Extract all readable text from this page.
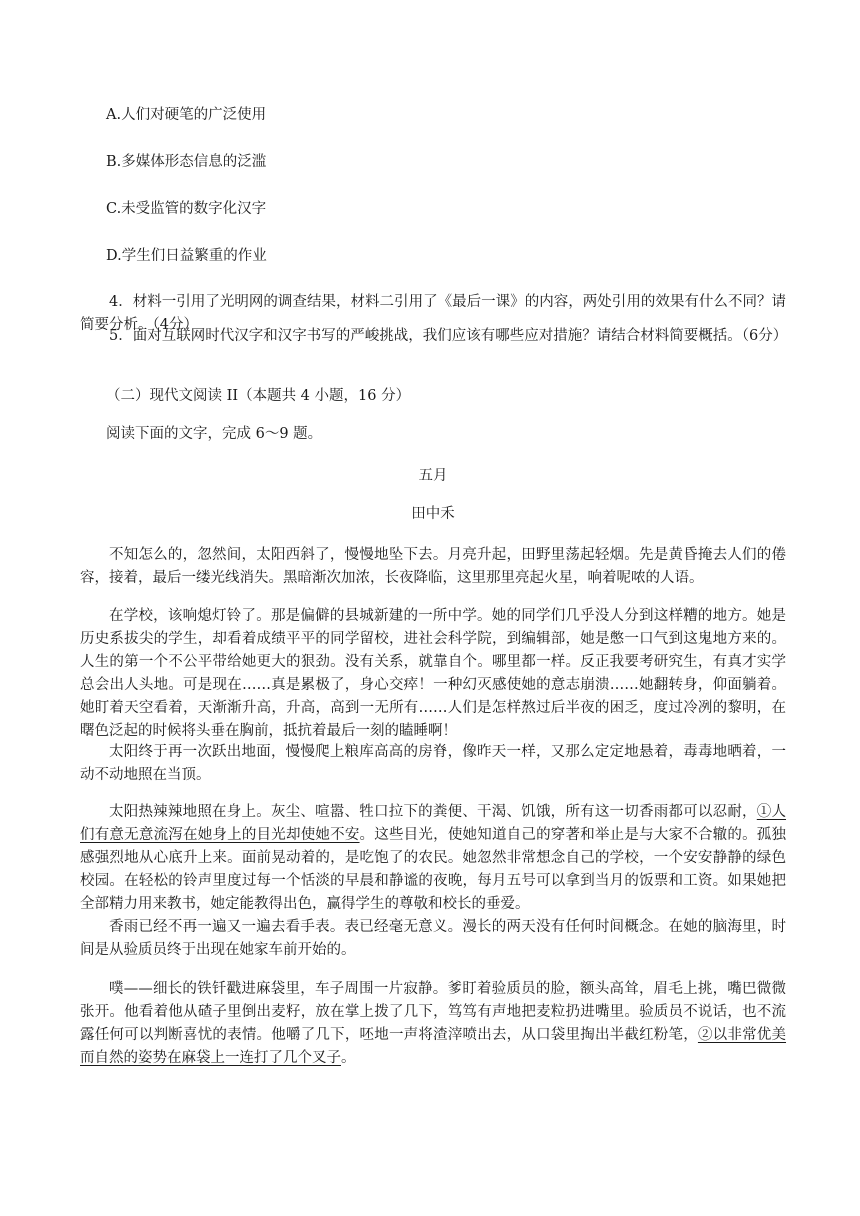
A.人们对硬笔的广泛使用
B.多媒体形态信息的泛滥
C.未受监管的数字化汉字
D.学生们日益繁重的作业
4．材料一引用了光明网的调查结果，材料二引用了《最后一课》的内容，两处引用的效果有什么不同？请简要分析。（4分）
5．面对互联网时代汉字和汉字书写的严峻挑战，我们应该有哪些应对措施？请结合材料简要概括。（6分）
（二）现代文阅读 II（本题共 4 小题，16 分）
阅读下面的文字，完成 6～9 题。
五月
田中禾
不知怎么的，忽然间，太阳西斜了，慢慢地坠下去。月亮升起，田野里荡起轻烟。先是黄昏掩去人们的倦容，接着，最后一缕光线消失。黑暗渐次加浓，长夜降临，这里那里亮起火星，响着呢哝的人语。
在学校，该响熄灯铃了。那是偏僻的县城新建的一所中学。她的同学们几乎没人分到这样糟的地方。她是历史系拔尖的学生，却看着成绩平平的同学留校，进社会科学院，到编辑部，她是憋一口气到这鬼地方来的。人生的第一个不公平带给她更大的狠劲。没有关系，就靠自个。哪里都一样。反正我要考研究生，有真才实学总会出人头地。可是现在……真是累极了，身心交瘁！一种幻灭感使她的意志崩溃……她翻转身，仰面躺着。她盯着天空看着，天渐渐升高，升高，高到一无所有……人们是怎样熬过后半夜的困乏，度过冷冽的黎明，在曙色泛起的时候将头垂在胸前，抵抗着最后一刻的瞌睡啊！
太阳终于再一次跃出地面，慢慢爬上粮库高高的房脊，像昨天一样，又那么定定地悬着，毒毒地晒着，一动不动地照在当顶。
太阳热辣辣地照在身上。灰尘、喧嚣、牲口拉下的粪便、干渴、饥饿，所有这一切香雨都可以忍耐，①人们有意无意流泻在她身上的目光却使她不安。这些目光，使她知道自己的穿著和举止是与大家不合辙的。孤独感强烈地从心底升上来。面前晃动着的，是吃饱了的农民。她忽然非常想念自己的学校，一个安安静静的绿色校园。在轻松的铃声里度过每一个恬淡的早晨和静谧的夜晚，每月五号可以拿到当月的饭票和工资。如果她把全部精力用来教书，她定能教得出色，赢得学生的尊敬和校长的垂爱。
香雨已经不再一遍又一遍去看手表。表已经毫无意义。漫长的两天没有任何时间概念。在她的脑海里，时间是从验质员终于出现在她家车前开始的。
噗——细长的铁钎戳进麻袋里，车子周围一片寂静。爹盯着验质员的脸，额头高耸，眉毛上挑，嘴巴微微张开。他看着他从碴子里倒出麦籽，放在掌上拨了几下，笃笃有声地把麦粒扔进嘴里。验质员不说话，也不流露任何可以判断喜忧的表情。他嚼了几下，呸地一声将渣滓喷出去，从口袋里掏出半截红粉笔，②以非常优美而自然的姿势在麻袋上一连打了几个叉子。
